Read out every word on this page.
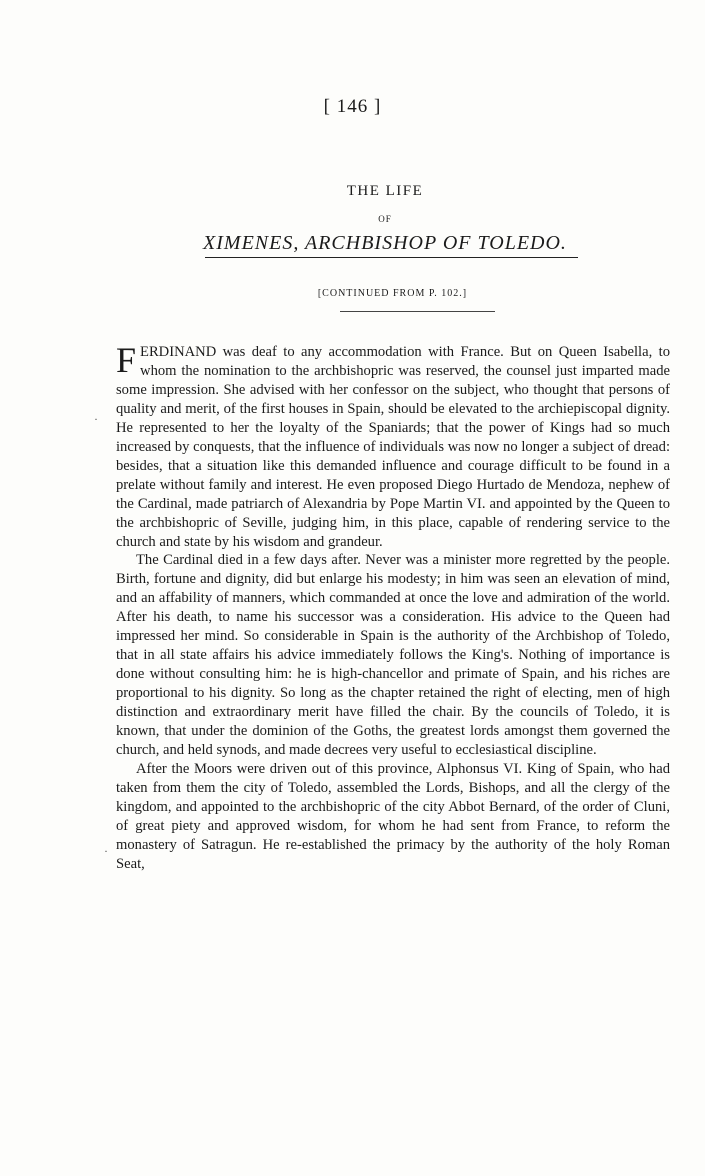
[ 146 ]
THE LIFE
OF
XIMENES, ARCHBISHOP OF TOLEDO.
[CONTINUED FROM P. 102.]

FERDINAND was deaf to any accommodation with France. But on Queen Isabella, to whom the nomination to the archbishopric was reserved, the counsel just imparted made some impression. She advised with her confessor on the subject, who thought that persons of quality and merit, of the first houses in Spain, should be elevated to the archiepiscopal dignity. He represented to her the loyalty of the Spaniards; that the power of Kings had so much increased by conquests, that the influence of individuals was now no longer a subject of dread: besides, that a situation like this demanded influence and courage difficult to be found in a prelate without family and interest. He even proposed Diego Hurtado de Mendoza, nephew of the Cardinal, made patriarch of Alexandria by Pope Martin VI. and appointed by the Queen to the archbishopric of Seville, judging him, in this place, capable of rendering service to the church and state by his wisdom and grandeur.

The Cardinal died in a few days after. Never was a minister more regretted by the people. Birth, fortune and dignity, did but enlarge his modesty; in him was seen an elevation of mind, and an affability of manners, which commanded at once the love and admiration of the world. After his death, to name his successor was a consideration. His advice to the Queen had impressed her mind. So considerable in Spain is the authority of the Archbishop of Toledo, that in all state affairs his advice immediately follows the King's. Nothing of importance is done without consulting him: he is high-chancellor and primate of Spain, and his riches are proportional to his dignity. So long as the chapter retained the right of electing, men of high distinction and extraordinary merit have filled the chair. By the councils of Toledo, it is known, that under the dominion of the Goths, the greatest lords amongst them governed the church, and held synods, and made decrees very useful to ecclesiastical discipline.

After the Moors were driven out of this province, Alphonsus VI. King of Spain, who had taken from them the city of Toledo, assembled the Lords, Bishops, and all the clergy of the kingdom, and appointed to the archbishopric of the city Abbot Bernard, of the order of Cluni, of great piety and approved wisdom, for whom he had sent from France, to reform the monastery of Satragun. He re-established the primacy by the authority of the holy Roman Seat,

·
·
